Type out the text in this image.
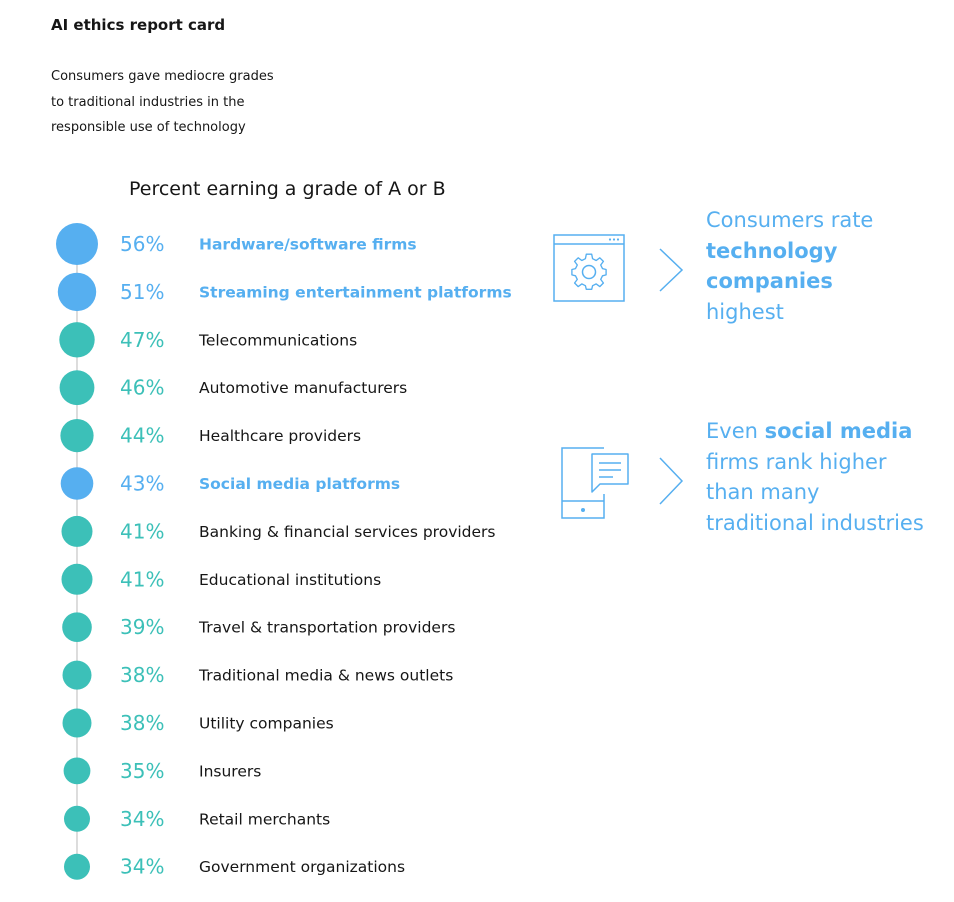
AI ethics report card
Consumers gave mediocre grades
to traditional industries in the
responsible use of technology
Percent earning a grade of A or B
56% Hardware/software firms
51% Streaming entertainment platforms
47% Telecommunications
46% Automotive manufacturers
44% Healthcare providers
43% Social media platforms
41% Banking & financial services providers
41% Educational institutions
39% Travel & transportation providers
38% Traditional media & news outlets
38% Utility companies
35% Insurers
34% Retail merchants
34% Government organizations
Consumers rate
technology
companies
highest
Even social media
firms rank higher
than many
traditional industries
